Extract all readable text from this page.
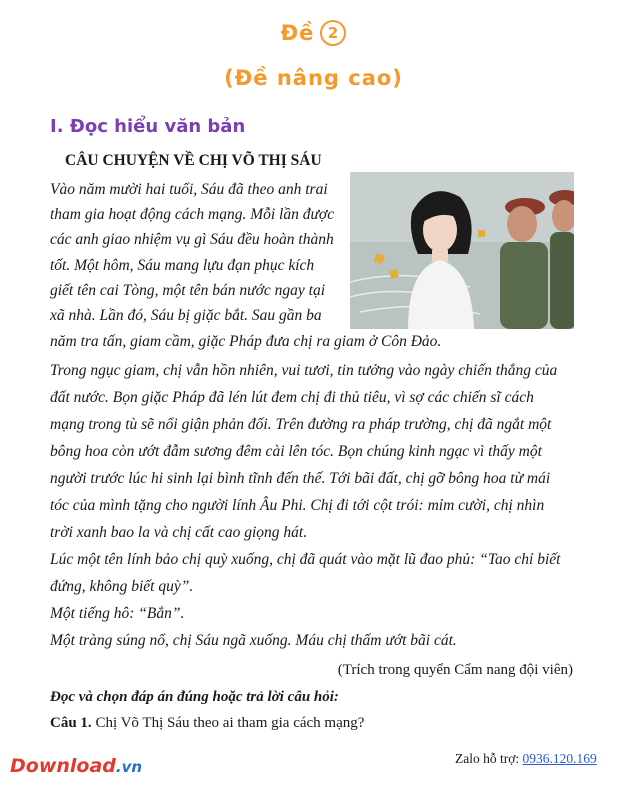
Đề 2
(Đề nâng cao)
I. Đọc hiểu văn bản
CÂU CHUYỆN VỀ CHỊ VÕ THỊ SÁU
Vào năm mười hai tuổi, Sáu đã theo anh trai
tham gia hoạt động cách mạng. Mỗi lần được
các anh giao nhiệm vụ gì Sáu đều hoàn thành
tốt. Một hôm, Sáu mang lựu đạn phục kích
giết tên cai Tòng, một tên bán nước ngay tại
xã nhà. Lần đó, Sáu bị giặc bắt. Sau gần ba
năm tra tấn, giam cầm, giặc Pháp đưa chị ra giam ở Côn Đảo.
Trong ngục giam, chị vẫn hồn nhiên, vui tươi, tin tưởng vào ngày chiến thắng của
đất nước. Bọn giặc Pháp đã lén lút đem chị đi thủ tiêu, vì sợ các chiến sĩ cách
mạng trong tù sẽ nổi giận phản đối. Trên đường ra pháp trường, chị đã ngắt một
bông hoa còn ướt đẫm sương đêm cài lên tóc. Bọn chúng kinh ngạc vì thấy một
người trước lúc hi sinh lại bình tĩnh đến thế. Tới bãi đất, chị gỡ bông hoa từ mái
tóc của mình tặng cho người lính Âu Phi. Chị đi tới cột trói: mỉm cười, chị nhìn
trời xanh bao la và chị cất cao giọng hát.
Lúc một tên lính bảo chị quỳ xuống, chị đã quát vào mặt lũ đao phủ: “Tao chỉ biết
đứng, không biết quỳ”.
Một tiếng hô: “Bắn”.
Một tràng súng nổ, chị Sáu ngã xuống. Máu chị thấm ướt bãi cát.
(Trích trong quyển Cẩm nang đội viên)
Đọc và chọn đáp án đúng hoặc trả lời câu hỏi:
Câu 1. Chị Võ Thị Sáu theo ai tham gia cách mạng?
Download.vn	Zalo hỗ trợ: 0936.120.169
